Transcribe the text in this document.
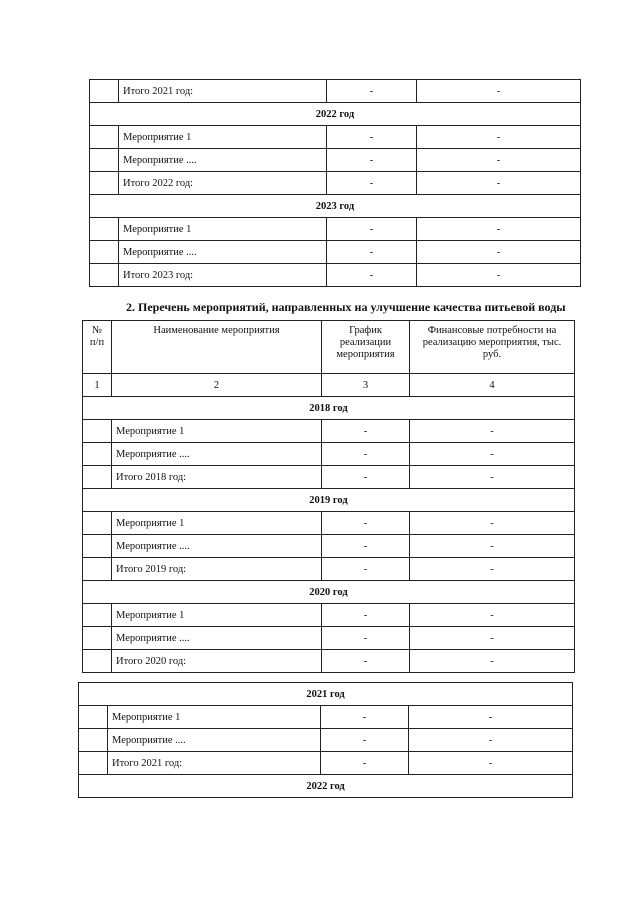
	Итого 2021 год:	-	-
2022 год			
	Мероприятие 1	-	-
	Мероприятие ....	-	-
	Итого 2022 год:	-	-
2023 год			
	Мероприятие 1	-	-
	Мероприятие ....	-	-
	Итого 2023 год:	-	-
2. Перечень мероприятий, направленных на улучшение качества питьевой воды
№ п/п	Наименование мероприятия	График реализации мероприятия	Финансовые потребности на реализацию мероприятия, тыс. руб.
1	2	3	4
2018 год			
	Мероприятие 1	-	-
	Мероприятие ....	-	-
	Итого 2018 год:	-	-
2019 год			
	Мероприятие 1	-	-
	Мероприятие ....	-	-
	Итого 2019 год:	-	-
2020 год			
	Мероприятие 1	-	-
	Мероприятие ....	-	-
	Итого 2020 год:	-	-
2021 год			
	Мероприятие 1	-	-
	Мероприятие ....	-	-
	Итого 2021 год:	-	-
2022 год			
